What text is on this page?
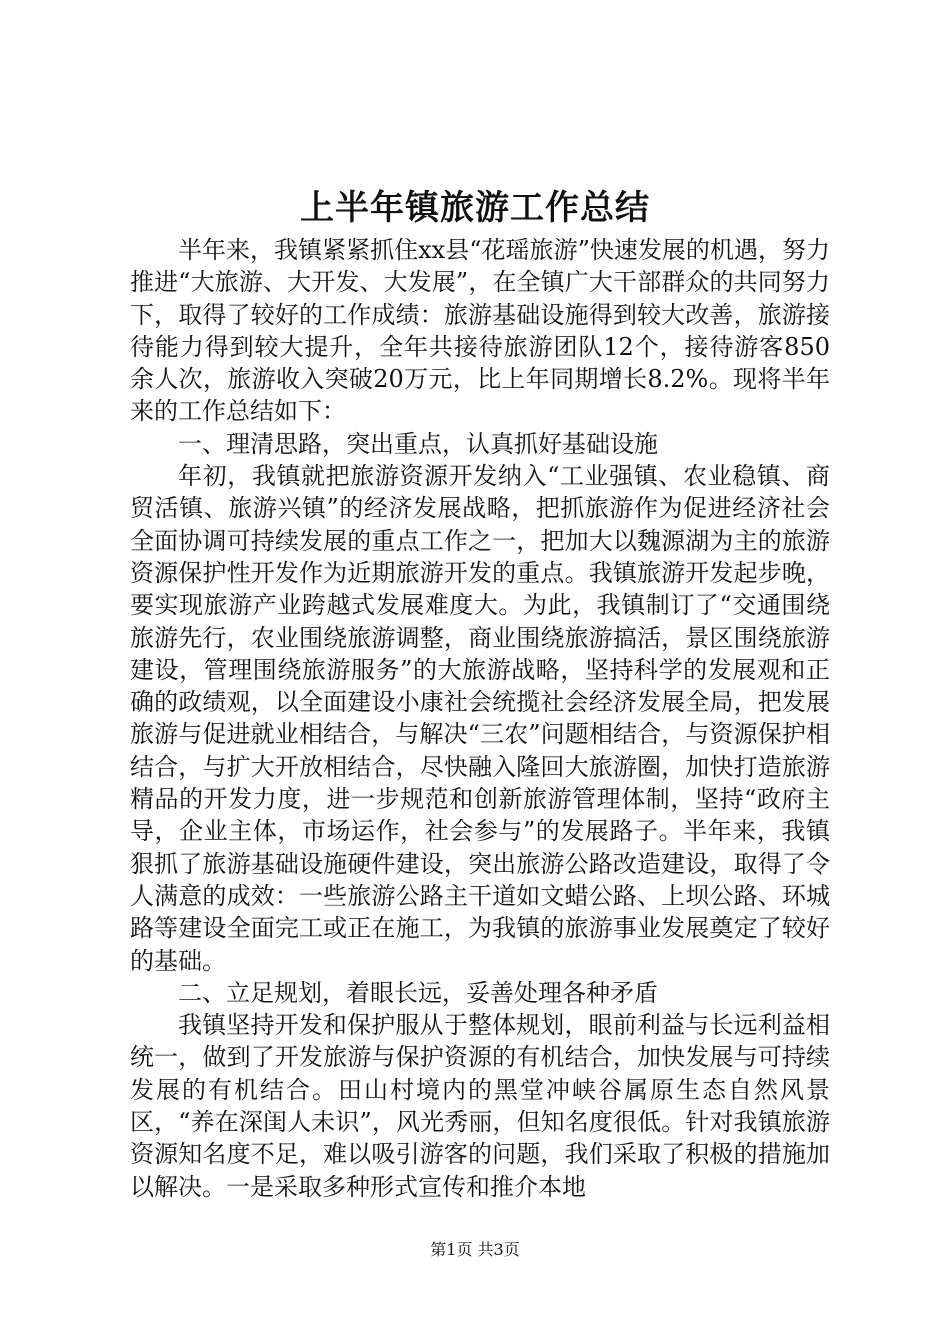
上半年镇旅游工作总结

半年来，我镇紧紧抓住xx县“花瑶旅游”快速发展的机遇，努力推进“大旅游、大开发、大发展”，在全镇广大干部群众的共同努力下，取得了较好的工作成绩：旅游基础设施得到较大改善，旅游接待能力得到较大提升，全年共接待旅游团队12个，接待游客850余人次，旅游收入突破20万元，比上年同期增长8.2%。现将半年来的工作总结如下：

一、理清思路，突出重点，认真抓好基础设施

年初，我镇就把旅游资源开发纳入“工业强镇、农业稳镇、商贸活镇、旅游兴镇”的经济发展战略，把抓旅游作为促进经济社会全面协调可持续发展的重点工作之一，把加大以魏源湖为主的旅游资源保护性开发作为近期旅游开发的重点。我镇旅游开发起步晚，要实现旅游产业跨越式发展难度大。为此，我镇制订了“交通围绕旅游先行，农业围绕旅游调整，商业围绕旅游搞活，景区围绕旅游建设，管理围绕旅游服务”的大旅游战略，坚持科学的发展观和正确的政绩观，以全面建设小康社会统揽社会经济发展全局，把发展旅游与促进就业相结合，与解决“三农”问题相结合，与资源保护相结合，与扩大开放相结合，尽快融入隆回大旅游圈，加快打造旅游精品的开发力度，进一步规范和创新旅游管理体制，坚持“政府主导，企业主体，市场运作，社会参与”的发展路子。半年来，我镇狠抓了旅游基础设施硬件建设，突出旅游公路改造建设，取得了令人满意的成效：一些旅游公路主干道如文蜡公路、上坝公路、环城路等建设全面完工或正在施工，为我镇的旅游事业发展奠定了较好的基础。

二、立足规划，着眼长远，妥善处理各种矛盾

我镇坚持开发和保护服从于整体规划，眼前利益与长远利益相统一，做到了开发旅游与保护资源的有机结合，加快发展与可持续发展的有机结合。田山村境内的黑堂冲峡谷属原生态自然风景区，“养在深闺人未识”，风光秀丽，但知名度很低。针对我镇旅游资源知名度不足，难以吸引游客的问题，我们采取了积极的措施加以解决。一是采取多种形式宣传和推介本地

第1页 共3页
